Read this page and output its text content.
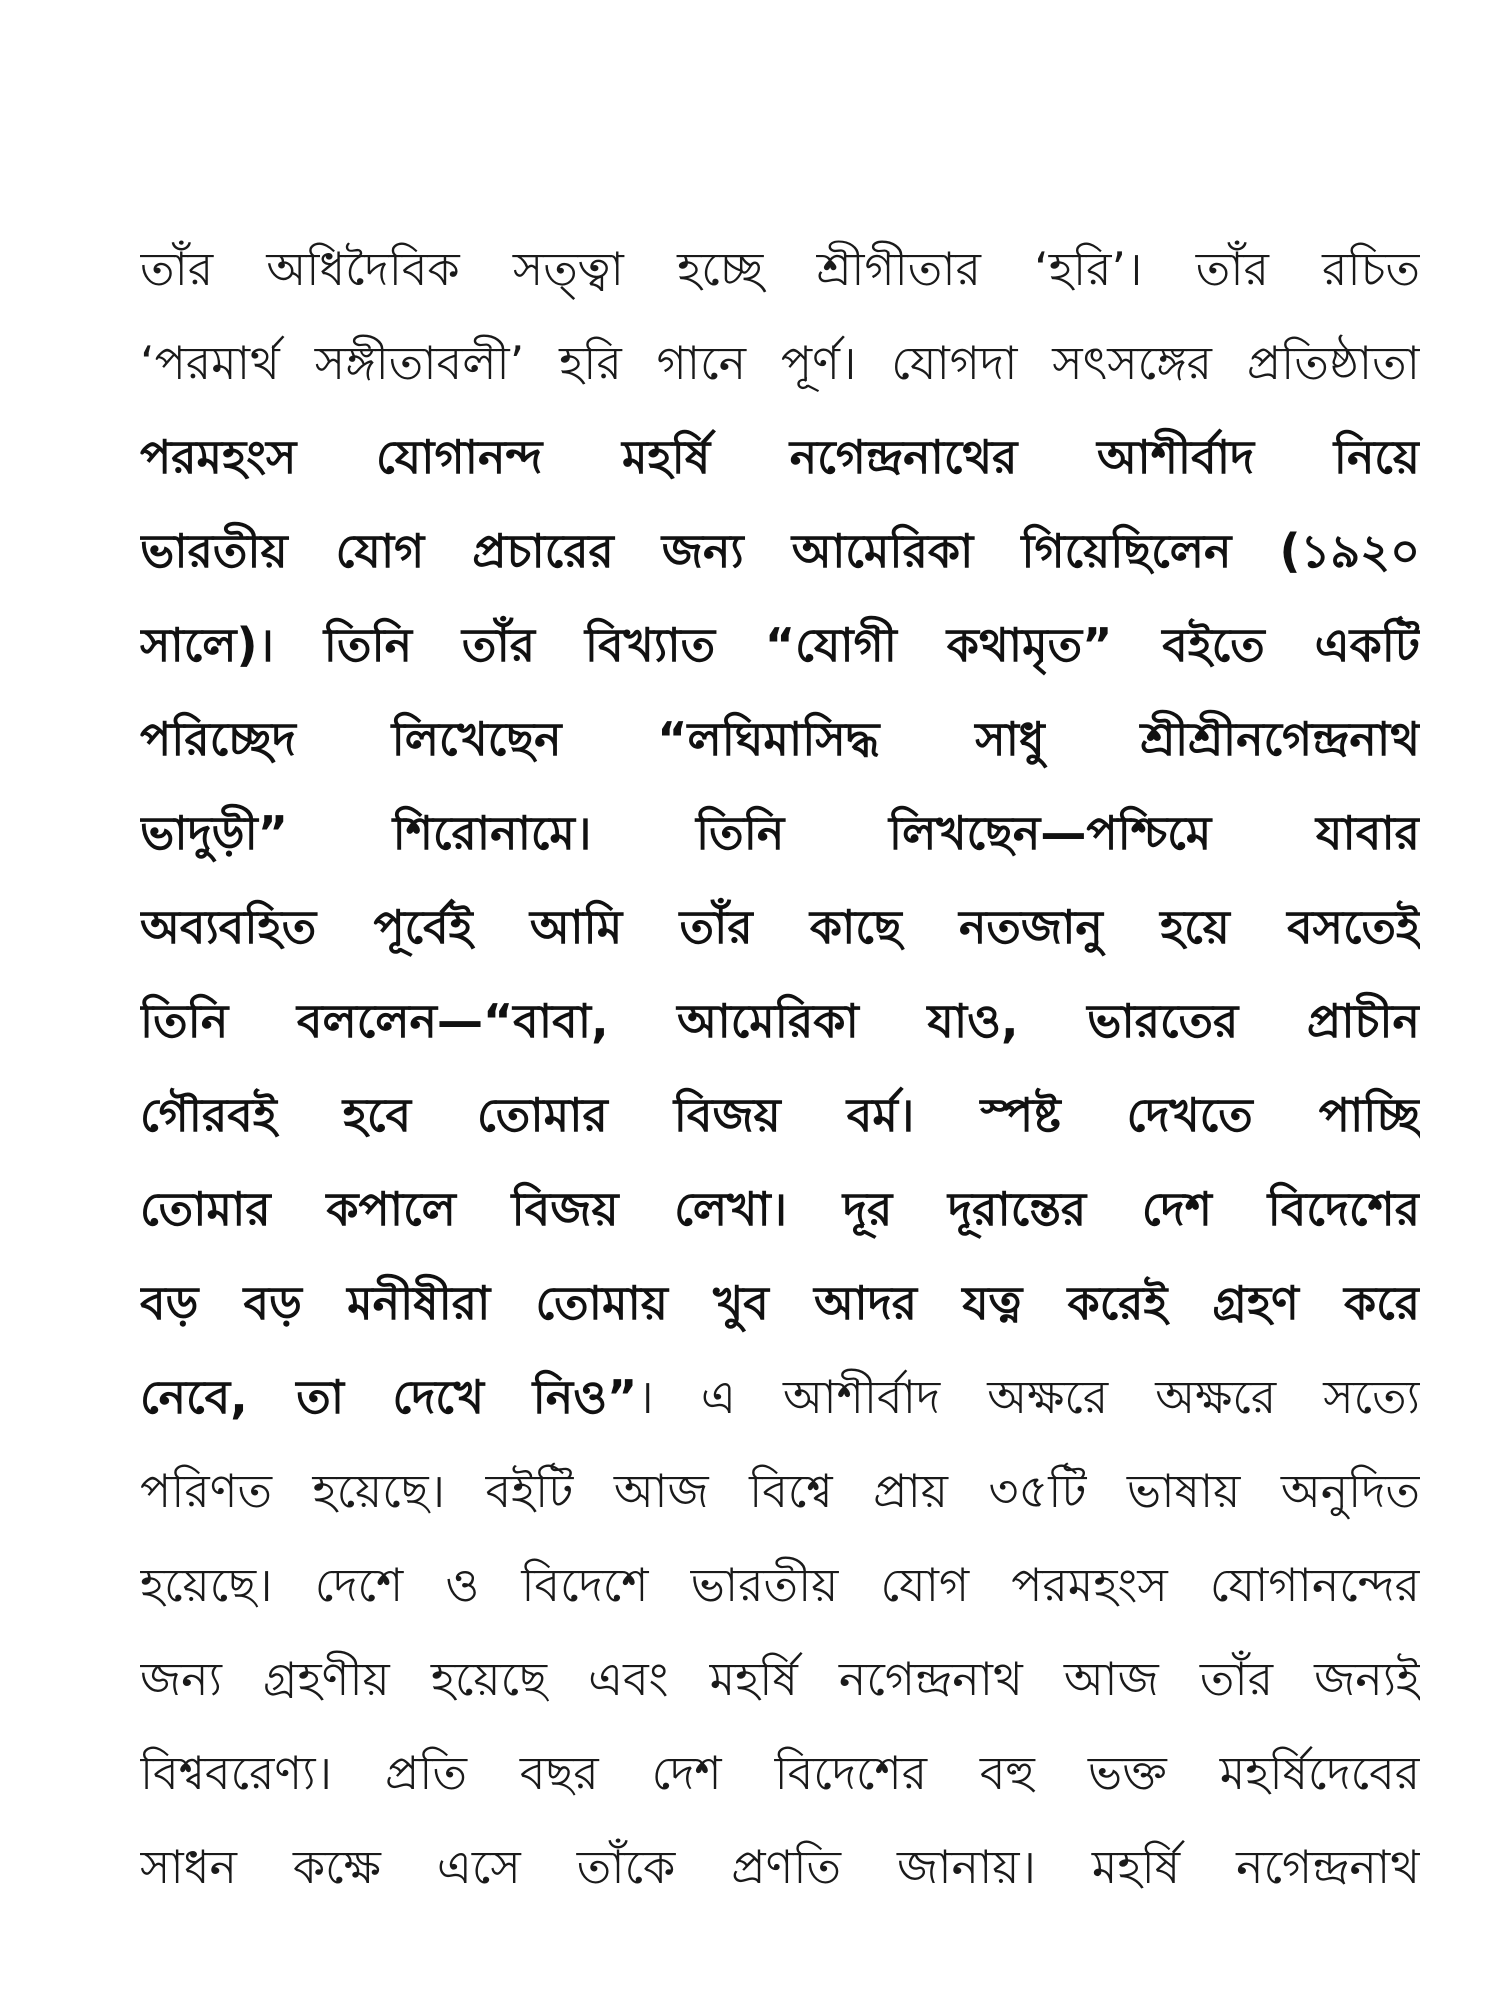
তাঁর অধিদৈবিক সত্ত্বা হচ্ছে শ্রীগীতার ‘হরি’। তাঁর রচিত
‘পরমার্থ সঙ্গীতাবলী’ হরি গানে পূর্ণ। যোগদা সৎসঙ্গের প্রতিষ্ঠাতা
পরমহংস যোগানন্দ মহর্ষি নগেন্দ্রনাথের আশীর্বাদ নিয়ে
ভারতীয় যোগ প্রচারের জন্য আমেরিকা গিয়েছিলেন (১৯২০
সালে)। তিনি তাঁর বিখ্যাত “যোগী কথামৃত” বইতে একটি
পরিচ্ছেদ লিখেছেন “লঘিমাসিদ্ধ সাধু শ্রীশ্রীনগেন্দ্রনাথ
ভাদুড়ী” শিরোনামে। তিনি লিখছেন—পশ্চিমে যাবার
অব্যবহিত পূর্বেই আমি তাঁর কাছে নতজানু হয়ে বসতেই
তিনি বললেন—“বাবা, আমেরিকা যাও, ভারতের প্রাচীন
গৌরবই হবে তোমার বিজয় বর্ম। স্পষ্ট দেখতে পাচ্ছি
তোমার কপালে বিজয় লেখা। দূর দূরান্তের দেশ বিদেশের
বড় বড় মনীষীরা তোমায় খুব আদর যত্ন করেই গ্রহণ করে
নেবে, তা দেখে নিও”। এ আশীর্বাদ অক্ষরে অক্ষরে সত্যে
পরিণত হয়েছে। বইটি আজ বিশ্বে প্রায় ৩৫টি ভাষায় অনুদিত
হয়েছে। দেশে ও বিদেশে ভারতীয় যোগ পরমহংস যোগানন্দের
জন্য গ্রহণীয় হয়েছে এবং মহর্ষি নগেন্দ্রনাথ আজ তাঁর জন্যই
বিশ্ববরেণ্য। প্রতি বছর দেশ বিদেশের বহু ভক্ত মহর্ষিদেবের
সাধন কক্ষে এসে তাঁকে প্রণতি জানায়। মহর্ষি নগেন্দ্রনাথ
